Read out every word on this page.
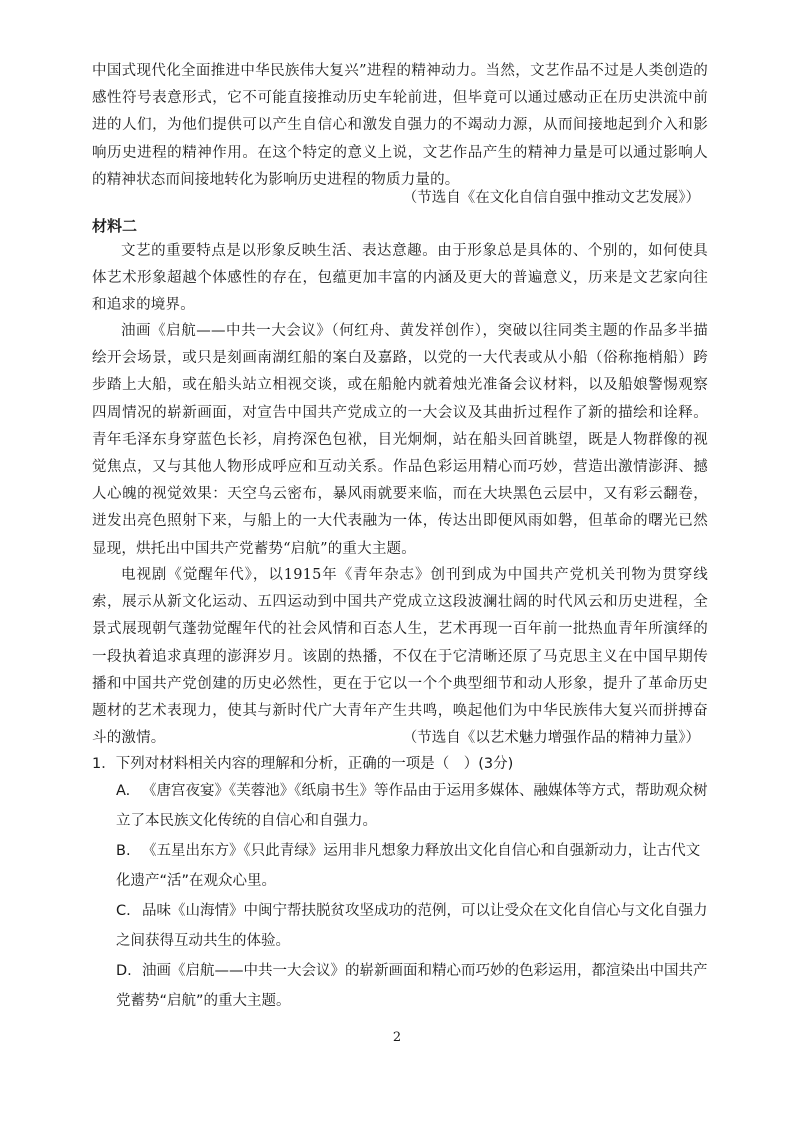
中国式现代化全面推进中华民族伟大复兴”进程的精神动力。当然，文艺作品不过是人类创造的感性符号表意形式，它不可能直接推动历史车轮前进，但毕竟可以通过感动正在历史洪流中前进的人们，为他们提供可以产生自信心和激发自强力的不竭动力源，从而间接地起到介入和影响历史进程的精神作用。在这个特定的意义上说，文艺作品产生的精神力量是可以通过影响人的精神状态而间接地转化为影响历史进程的物质力量的。

（节选自《在文化自信自强中推动文艺发展》）

材料二

文艺的重要特点是以形象反映生活、表达意趣。由于形象总是具体的、个别的，如何使具体艺术形象超越个体感性的存在，包蕴更加丰富的内涵及更大的普遍意义，历来是文艺家向往和追求的境界。

油画《启航——中共一大会议》（何红舟、黄发祥创作），突破以往同类主题的作品多半描绘开会场景，或只是刻画南湖红船的案白及嘉路，以党的一大代表或从小船（俗称拖梢船）跨步踏上大船，或在船头站立相视交谈，或在船舱内就着烛光准备会议材料，以及船娘警惕观察四周情况的崭新画面，对宣告中国共产党成立的一大会议及其曲折过程作了新的描绘和诠释。青年毛泽东身穿蓝色长衫，肩挎深色包袱，目光炯炯，站在船头回首眺望，既是人物群像的视觉焦点，又与其他人物形成呼应和互动关系。作品色彩运用精心而巧妙，营造出激情澎湃、撼人心魄的视觉效果：天空乌云密布，暴风雨就要来临，而在大块黑色云层中，又有彩云翻卷，迸发出亮色照射下来，与船上的一大代表融为一体，传达出即便风雨如磐，但革命的曙光已然显现，烘托出中国共产党蓄势“启航”的重大主题。

电视剧《觉醒年代》，以1915年《青年杂志》创刊到成为中国共产党机关刊物为贯穿线索，展示从新文化运动、五四运动到中国共产党成立这段波澜壮阔的时代风云和历史进程，全景式展现朝气蓬勃觉醒年代的社会风情和百态人生，艺术再现一百年前一批热血青年所演绎的一段执着追求真理的澎湃岁月。该剧的热播，不仅在于它清晰还原了马克思主义在中国早期传播和中国共产党创建的历史必然性，更在于它以一个个典型细节和动人形象，提升了革命历史题材的艺术表现力，使其与新时代广大青年产生共鸣，唤起他们为中华民族伟大复兴而拼搏奋斗的激情。	（节选自《以艺术魅力增强作品的精神力量》）

1．下列对材料相关内容的理解和分析，正确的一项是（　）(3分)

A. 《唐宫夜宴》《芙蓉池》《纸扇书生》等作品由于运用多媒体、融媒体等方式，帮助观众树立了本民族文化传统的自信心和自强力。
B. 《五星出东方》《只此青绿》运用非凡想象力释放出文化自信心和自强新动力，让古代文化遗产“活”在观众心里。
C. 品味《山海情》中闽宁帮扶脱贫攻坚成功的范例，可以让受众在文化自信心与文化自强力之间获得互动共生的体验。
D. 油画《启航——中共一大会议》的崭新画面和精心而巧妙的色彩运用，都渲染出中国共产党蓄势“启航”的重大主题。
2
